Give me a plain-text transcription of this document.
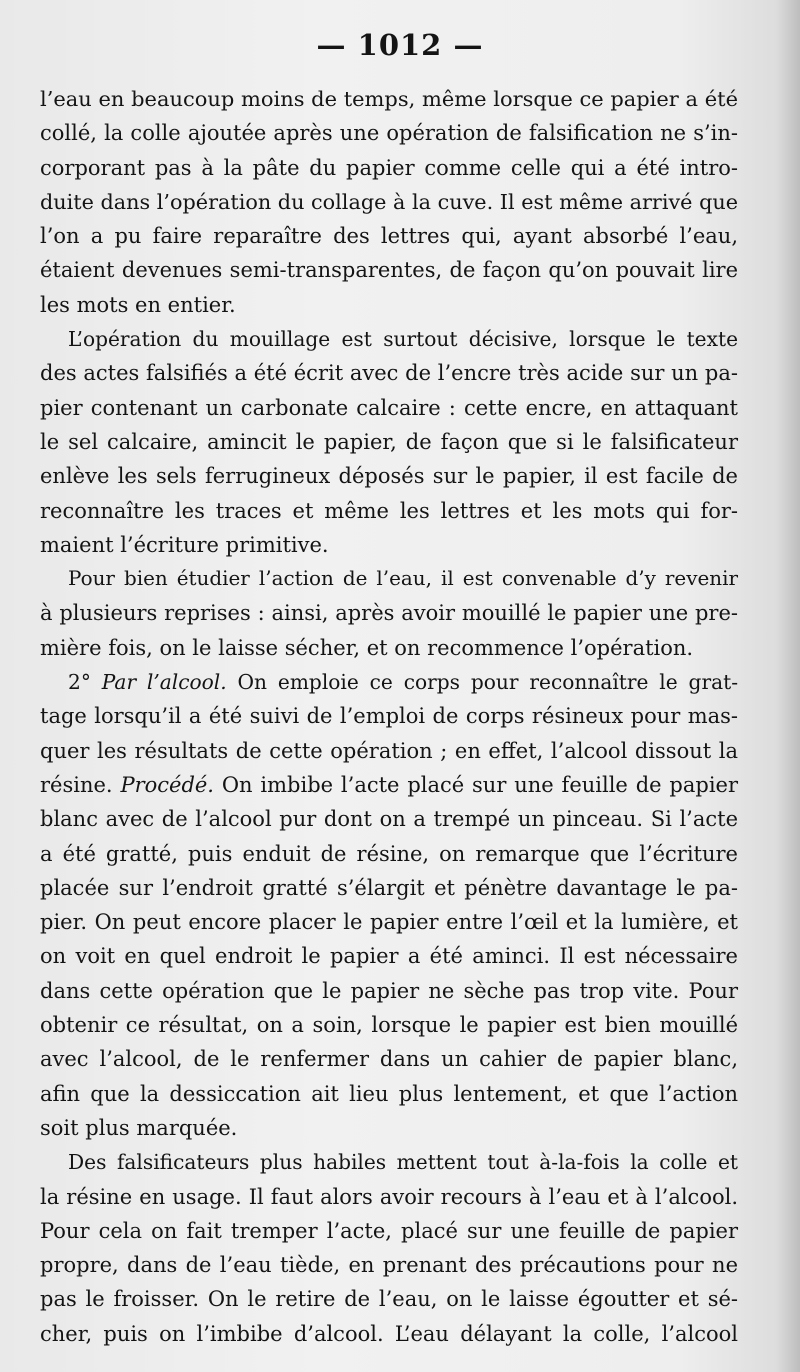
— 1012 —
l’eau en beaucoup moins de temps, même lorsque ce papier a été
collé, la colle ajoutée après une opération de falsification ne s’in-
corporant pas à la pâte du papier comme celle qui a été intro-
duite dans l’opération du collage à la cuve. Il est même arrivé que
l’on a pu faire reparaître des lettres qui, ayant absorbé l’eau,
étaient devenues semi-transparentes, de façon qu’on pouvait lire
les mots en entier.
L’opération du mouillage est surtout décisive, lorsque le texte
des actes falsifiés a été écrit avec de l’encre très acide sur un pa-
pier contenant un carbonate calcaire : cette encre, en attaquant
le sel calcaire, amincit le papier, de façon que si le falsificateur
enlève les sels ferrugineux déposés sur le papier, il est facile de
reconnaître les traces et même les lettres et les mots qui for-
maient l’écriture primitive.
Pour bien étudier l’action de l’eau, il est convenable d’y revenir
à plusieurs reprises : ainsi, après avoir mouillé le papier une pre-
mière fois, on le laisse sécher, et on recommence l’opération.
2° Par l’alcool. On emploie ce corps pour reconnaître le grat-
tage lorsqu’il a été suivi de l’emploi de corps résineux pour mas-
quer les résultats de cette opération ; en effet, l’alcool dissout la
résine. Procédé. On imbibe l’acte placé sur une feuille de papier
blanc avec de l’alcool pur dont on a trempé un pinceau. Si l’acte
a été gratté, puis enduit de résine, on remarque que l’écriture
placée sur l’endroit gratté s’élargit et pénètre davantage le pa-
pier. On peut encore placer le papier entre l’œil et la lumière, et
on voit en quel endroit le papier a été aminci. Il est nécessaire
dans cette opération que le papier ne sèche pas trop vite. Pour
obtenir ce résultat, on a soin, lorsque le papier est bien mouillé
avec l’alcool, de le renfermer dans un cahier de papier blanc,
afin que la dessiccation ait lieu plus lentement, et que l’action
soit plus marquée.
Des falsificateurs plus habiles mettent tout à-la-fois la colle et
la résine en usage. Il faut alors avoir recours à l’eau et à l’alcool.
Pour cela on fait tremper l’acte, placé sur une feuille de papier
propre, dans de l’eau tiède, en prenant des précautions pour ne
pas le froisser. On le retire de l’eau, on le laisse égoutter et sé-
cher, puis on l’imbibe d’alcool. L’eau délayant la colle, l’alcool
